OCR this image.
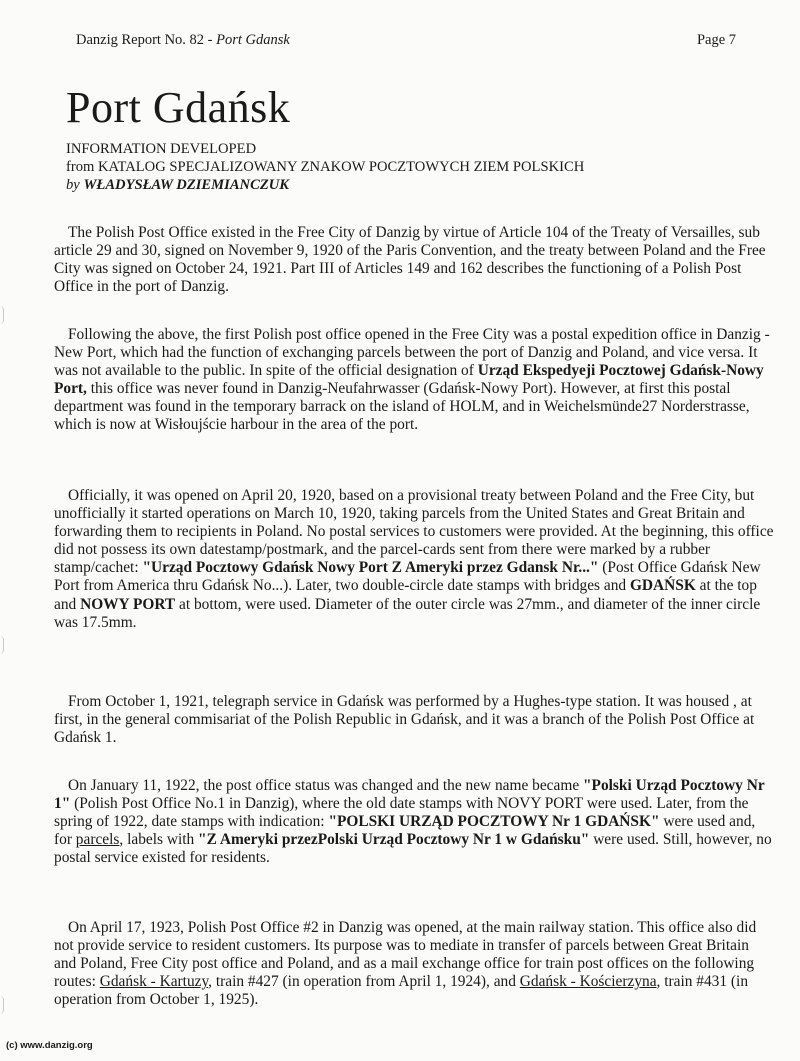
Danzig Report No. 82 - Port Gdansk	Page 7
Port Gdańsk
INFORMATION DEVELOPED
from KATALOG SPECJALIZOWANY ZNAKOW POCZTOWYCH ZIEM POLSKICH
by WŁADYSŁAW DZIEMIANCZUK

The Polish Post Office existed in the Free City of Danzig by virtue of Article 104 of the Treaty of Versailles, sub article 29 and 30, signed on November 9, 1920 of the Paris Convention, and the treaty between Poland and the Free City was signed on October 24, 1921. Part III of Articles 149 and 162 describes the functioning of a Polish Post Office in the port of Danzig.

Following the above, the first Polish post office opened in the Free City was a postal expedition office in Danzig - New Port, which had the function of exchanging parcels between the port of Danzig and Poland, and vice versa. It was not available to the public. In spite of the official designation of Urząd Ekspedyeji Pocztowej Gdańsk-Nowy Port, this office was never found in Danzig-Neufahrwasser (Gdańsk-Nowy Port). However, at first this postal department was found in the temporary barrack on the island of HOLM, and in Weichelsmünde27 Norderstrasse, which is now at Wisłoujście harbour in the area of the port.

Officially, it was opened on April 20, 1920, based on a provisional treaty between Poland and the Free City, but unofficially it started operations on March 10, 1920, taking parcels from the United States and Great Britain and forwarding them to recipients in Poland. No postal services to customers were provided. At the beginning, this office did not possess its own datestamp/postmark, and the parcel-cards sent from there were marked by a rubber stamp/cachet: "Urząd Pocztowy Gdańsk Nowy Port Z Ameryki przez Gdansk Nr..." (Post Office Gdańsk New Port from America thru Gdańsk No...). Later, two double-circle date stamps with bridges and GDAŃSK at the top and NOWY PORT at bottom, were used. Diameter of the outer circle was 27mm., and diameter of the inner circle was 17.5mm.

From October 1, 1921, telegraph service in Gdańsk was performed by a Hughes-type station. It was housed , at first, in the general commisariat of the Polish Republic in Gdańsk, and it was a branch of the Polish Post Office at Gdańsk 1.

On January 11, 1922, the post office status was changed and the new name became "Polski Urząd Pocztowy Nr 1" (Polish Post Office No.1 in Danzig), where the old date stamps with NOVY PORT were used. Later, from the spring of 1922, date stamps with indication: "POLSKI URZĄD POCZTOWY Nr 1 GDAŃSK" were used and, for parcels, labels with "Z Ameryki przezPolski Urząd Pocztowy Nr 1 w Gdańsku" were used. Still, however, no postal service existed for residents.

On April 17, 1923, Polish Post Office #2 in Danzig was opened, at the main railway station. This office also did not provide service to resident customers. Its purpose was to mediate in transfer of parcels between Great Britain and Poland, Free City post office and Poland, and as a mail exchange office for train post offices on the following routes: Gdańsk - Kartuzy, train #427 (in operation from April 1, 1924), and Gdańsk - Kościerzyna, train #431 (in operation from October 1, 1925).

(c) www.danzig.org
